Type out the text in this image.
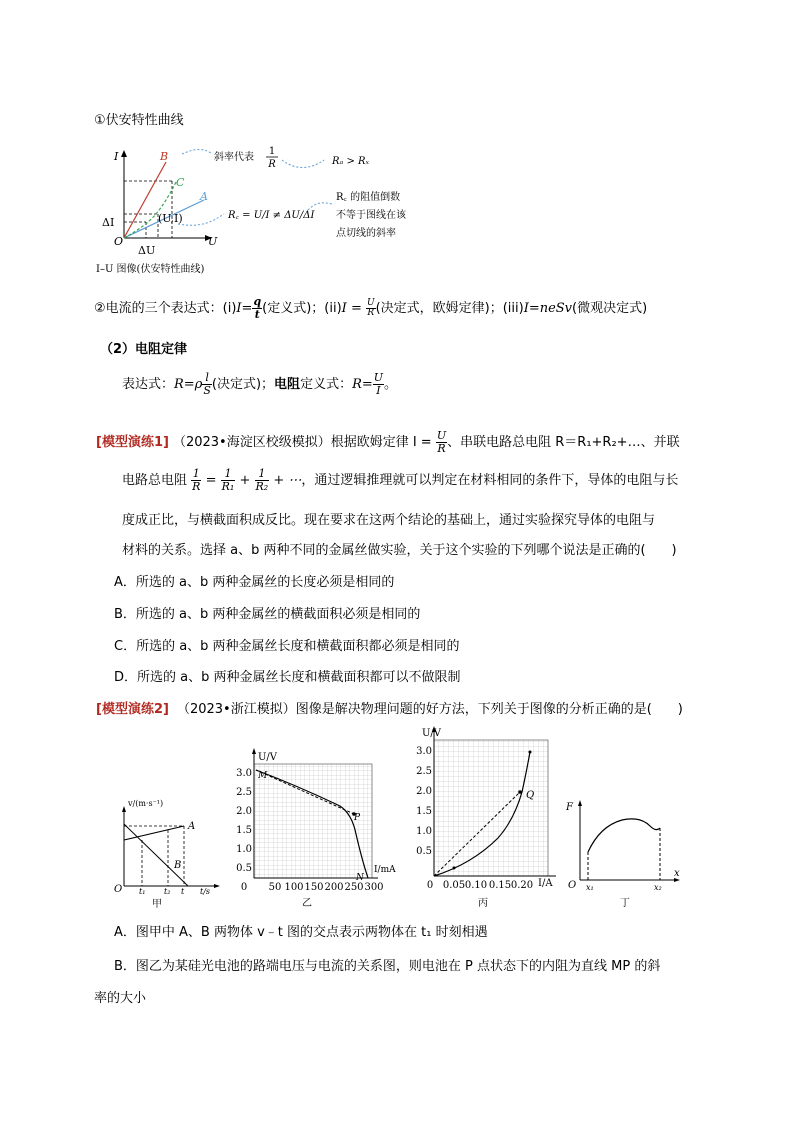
①伏安特性曲线
B
C
A
I
U
O
ΔI
ΔU
(U,I)
斜率代表
1
R	Rₐ > Rₓ
R꜀ = U/I ≠ ΔU/ΔI
R꜀ 的阻值倒数
不等于图线在该
点切线的斜率
I–U 图像(伏安特性曲线)
②电流的三个表达式：$(i)I= \frac{q}{t}$ (定义式)；$(ii)I = \frac{U}{R}$ (决定式，欧姆定律)；(iii)I=neSv(微观决定式)
（2）电阻定律
表达式：$R=\rho \frac{l}{S}$ (决定式)；电阻定义式：$R= \frac{U}{I}$ 。
[模型演练1] （2023•海淀区校级模拟）根据欧姆定律 $I = \frac{U}{R}$ 、串联电路总电阻 R＝R₁+R₂+…、并联
电路总电阻 $\frac{1}{R} = \frac{1}{\text{R₁}} + \frac{1}{\text{R₂}}$ + ⋯，通过逻辑推理就可以判定在材料相同的条件下，导体的电阻与长
度成正比，与横截面积成反比。现在要求在这两个结论的基础上，通过实验探究导体的电阻与
材料的关系。选择 a、b 两种不同的金属丝做实验，关于这个实验的下列哪个说法是正确的(　　)
A．所选的 a、b 两种金属丝的长度必须是相同的
B．所选的 a、b 两种金属丝的横截面积必须是相同的
C．所选的 a、b 两种金属丝长度和横截面积都必须是相同的
D．所选的 a、b 两种金属丝长度和横截面积都可以不做限制
[模型演练2] （2023•浙江模拟）图像是解决物理问题的好方法，下列关于图像的分析正确的是(　　)
v/(m·s⁻¹)
A
B
O t₁ t₂ t t/s
甲
U/V
M
P
N
I/mA
3.0
2.5
2.0
1.5
1.0
0.5
0 50 100 150 200 250 300
乙
U/V
Q
I/A
3.0
2.5
2.0
1.5
1.0
0.5
0 0.05 0.10 0.15 0.20
丙
F
O x₁	x₂
x
丁
A．图甲中 A、B 两物体 v﹣t 图的交点表示两物体在 t₁ 时刻相遇
B．图乙为某硅光电池的路端电压与电流的关系图，则电池在 P 点状态下的内阻为直线 MP 的斜
率的大小
